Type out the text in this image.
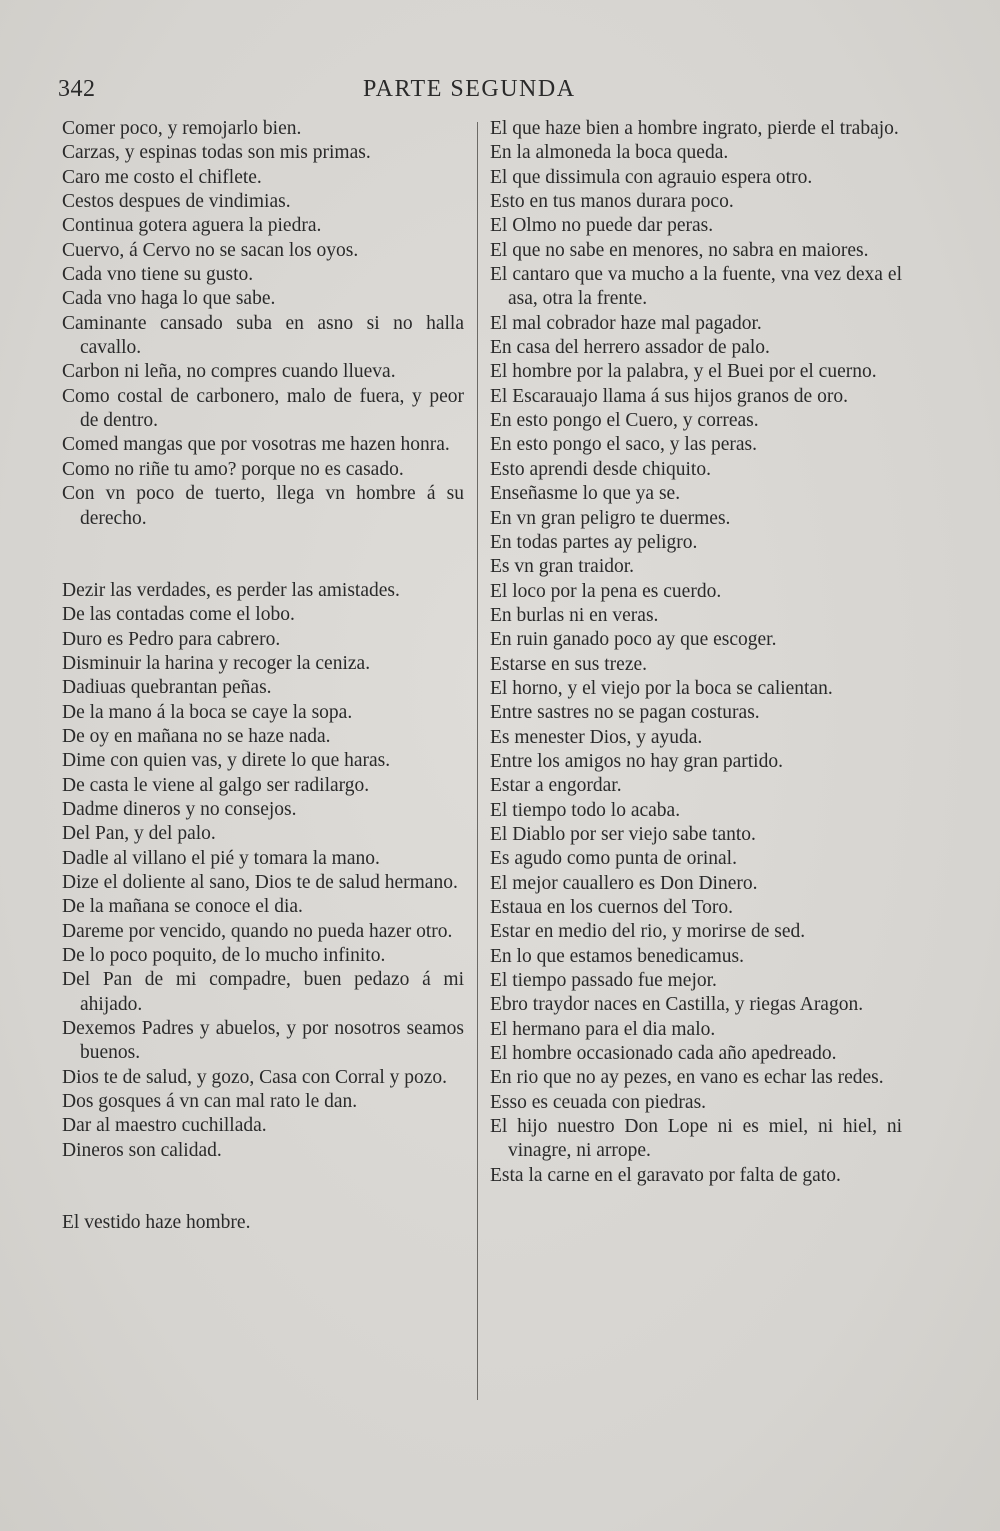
342	PARTE SEGUNDA

Comer poco, y remojarlo bien.

Carzas, y espinas todas son mis primas.

Caro me costo el chiflete.

Cestos despues de vindimias.

Continua gotera aguera la piedra.

Cuervo, á Cervo no se sacan los oyos.

Cada vno tiene su gusto.

Cada vno haga lo que sabe.

Caminante cansado suba en asno si no halla cavallo.

Carbon ni leña, no compres cuando llueva.

Como costal de carbonero, malo de fuera, y peor de dentro.

Comed mangas que por vosotras me hazen honra.

Como no riñe tu amo? porque no es casado.

Con vn poco de tuerto, llega vn hombre á su derecho.

Dezir las verdades, es perder las amistades.

De las contadas come el lobo.

Duro es Pedro para cabrero.

Disminuir la harina y recoger la ceniza.

Dadiuas quebrantan peñas.

De la mano á la boca se caye la sopa.

De oy en mañana no se haze nada.

Dime con quien vas, y direte lo que haras.

De casta le viene al galgo ser radilargo.

Dadme dineros y no consejos.

Del Pan, y del palo.

Dadle al villano el pié y tomara la mano.

Dize el doliente al sano, Dios te de salud hermano.

De la mañana se conoce el dia.

Dareme por vencido, quando no pueda hazer otro.

De lo poco poquito, de lo mucho infinito.

Del Pan de mi compadre, buen pedazo á mi ahijado.

Dexemos Padres y abuelos, y por nosotros seamos buenos.

Dios te de salud, y gozo, Casa con Corral y pozo.

Dos gosques á vn can mal rato le dan.

Dar al maestro cuchillada.

Dineros son calidad.

El vestido haze hombre.

El que haze bien a hombre ingrato, pierde el trabajo.

En la almoneda la boca queda.

El que dissimula con agrauio espera otro.

Esto en tus manos durara poco.

El Olmo no puede dar peras.

El que no sabe en menores, no sabra en maiores.

El cantaro que va mucho a la fuente, vna vez dexa el asa, otra la frente.

El mal cobrador haze mal pagador.

En casa del herrero assador de palo.

El hombre por la palabra, y el Buei por el cuerno.

El Escarauajo llama á sus hijos granos de oro.

En esto pongo el Cuero, y correas.

En esto pongo el saco, y las peras.

Esto aprendi desde chiquito.

Enseñasme lo que ya se.

En vn gran peligro te duermes.

En todas partes ay peligro.

Es vn gran traidor.

El loco por la pena es cuerdo.

En burlas ni en veras.

En ruin ganado poco ay que escoger.

Estarse en sus treze.

El horno, y el viejo por la boca se calientan.

Entre sastres no se pagan costuras.

Es menester Dios, y ayuda.

Entre los amigos no hay gran partido.

Estar a engordar.

El tiempo todo lo acaba.

El Diablo por ser viejo sabe tanto.

Es agudo como punta de orinal.

El mejor cauallero es Don Dinero.

Estaua en los cuernos del Toro.

Estar en medio del rio, y morirse de sed.

En lo que estamos benedicamus.

El tiempo passado fue mejor.

Ebro traydor naces en Castilla, y riegas Aragon.

El hermano para el dia malo.

El hombre occasionado cada año apedreado.

En rio que no ay pezes, en vano es echar las redes.

Esso es ceuada con piedras.

El hijo nuestro Don Lope ni es miel, ni hiel, ni vinagre, ni arrope.

Esta la carne en el garavato por falta de gato.
